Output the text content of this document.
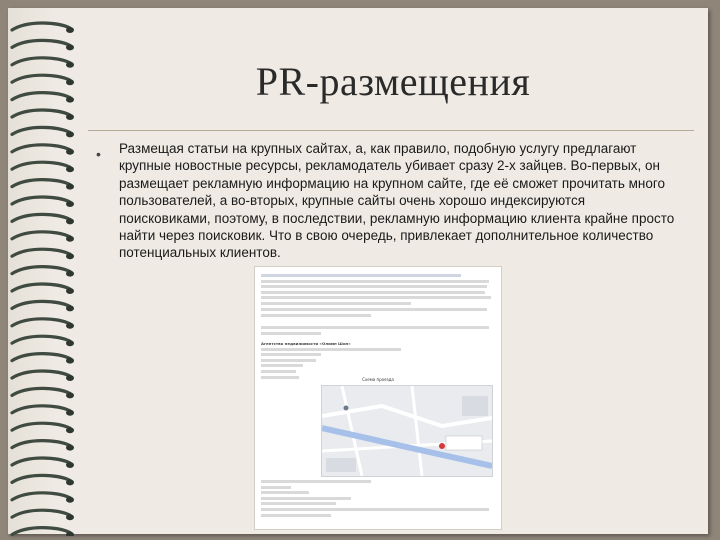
PR-размещения
• Размещая статьи на крупных сайтах, а, как правило, подобную услугу предлагают крупные новостные ресурсы, рекламодатель убивает сразу 2-х зайцев. Во-первых, он размещает рекламную информацию на крупном сайте, где её сможет прочитать много пользователей, а во-вторых, крупные сайты очень хорошо индексируются поисковиками, поэтому, в последствии, рекламную информацию клиента крайне просто найти через поисковик. Что в свою очередь, привлекает дополнительное количество потенциальных клиентов.

Агентство недвижимости «Олимп Шоп»

Схема проезда
